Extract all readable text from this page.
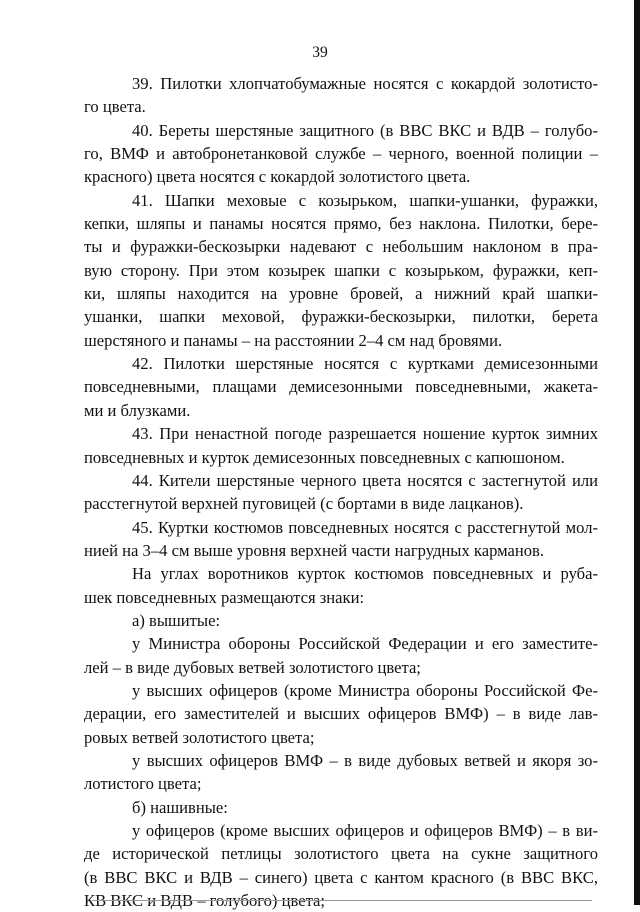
39
39. Пилотки хлопчатобумажные носятся с кокардой золотисто-
го цвета.
40. Береты шерстяные защитного (в ВВС ВКС и ВДВ – голубо-
го, ВМФ и автобронетанковой службе – черного, военной полиции –
красного) цвета носятся с кокардой золотистого цвета.
41. Шапки меховые с козырьком, шапки-ушанки, фуражки,
кепки, шляпы и панамы носятся прямо, без наклона. Пилотки, бере-
ты и фуражки-бескозырки надевают с небольшим наклоном в пра-
вую сторону. При этом козырек шапки с козырьком, фуражки, кеп-
ки, шляпы находится на уровне бровей, а нижний край шапки-
ушанки, шапки меховой, фуражки-бескозырки, пилотки, берета
шерстяного и панамы – на расстоянии 2–4 см над бровями.
42. Пилотки шерстяные носятся с куртками демисезонными
повседневными, плащами демисезонными повседневными, жакета-
ми и блузками.
43. При ненастной погоде разрешается ношение курток зимних
повседневных и курток демисезонных повседневных с капюшоном.
44. Кители шерстяные черного цвета носятся с застегнутой или
расстегнутой верхней пуговицей (с бортами в виде лацканов).
45. Куртки костюмов повседневных носятся с расстегнутой мол-
нией на 3–4 см выше уровня верхней части нагрудных карманов.
На углах воротников курток костюмов повседневных и руба-
шек повседневных размещаются знаки:
а) вышитые:
у Министра обороны Российской Федерации и его заместите-
лей – в виде дубовых ветвей золотистого цвета;
у высших офицеров (кроме Министра обороны Российской Фе-
дерации, его заместителей и высших офицеров ВМФ) – в виде лав-
ровых ветвей золотистого цвета;
у высших офицеров ВМФ – в виде дубовых ветвей и якоря зо-
лотистого цвета;
б) нашивные:
у офицеров (кроме высших офицеров и офицеров ВМФ) – в ви-
де исторической петлицы золотистого цвета на сукне защитного
(в ВВС ВКС и ВДВ – синего) цвета с кантом красного (в ВВС ВКС,
КВ ВКС и ВДВ – голубого) цвета;
